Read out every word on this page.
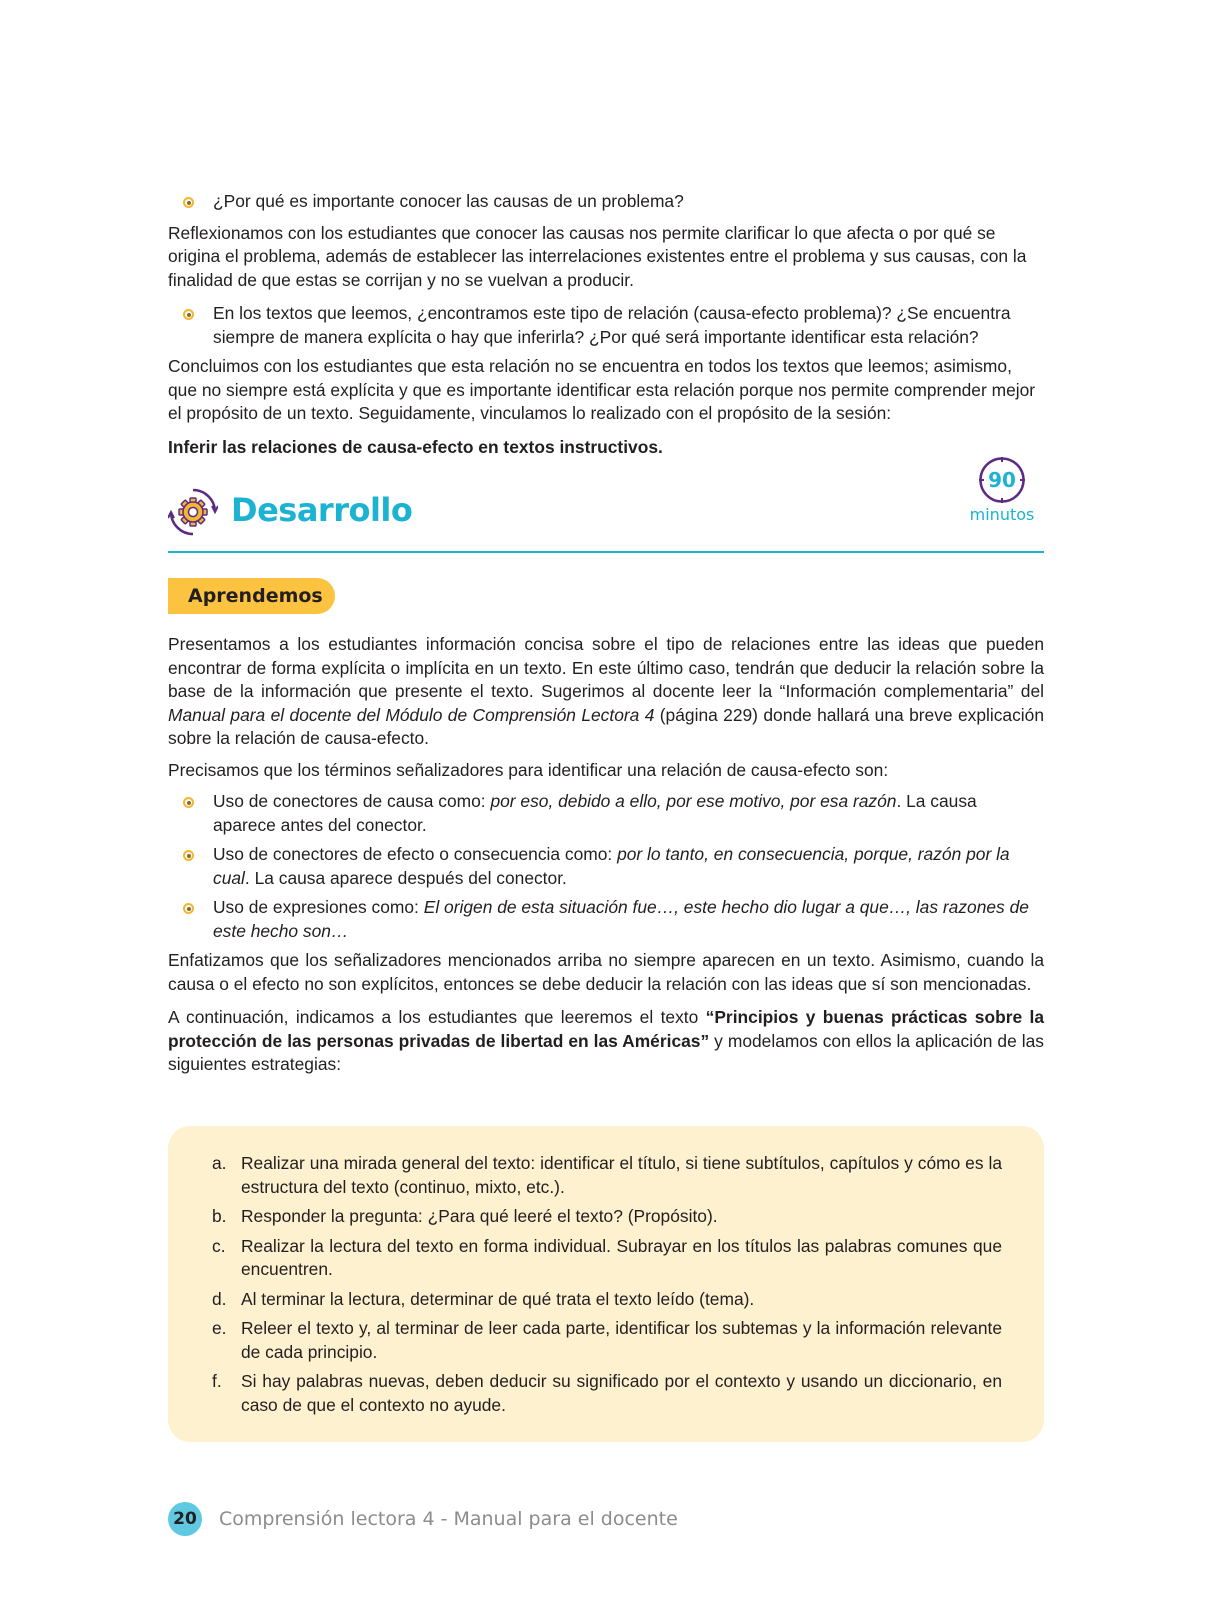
¿Por qué es importante conocer las causas de un problema?

Reflexionamos con los estudiantes que conocer las causas nos permite clarificar lo que afecta o por qué se origina el problema, además de establecer las interrelaciones existentes entre el problema y sus causas, con la finalidad de que estas se corrijan y no se vuelvan a producir.

En los textos que leemos, ¿encontramos este tipo de relación (causa-efecto problema)? ¿Se encuentra siempre de manera explícita o hay que inferirla? ¿Por qué será importante identificar esta relación?

Concluimos con los estudiantes que esta relación no se encuentra en todos los textos que leemos; asimismo, que no siempre está explícita y que es importante identificar esta relación porque nos permite comprender mejor el propósito de un texto. Seguidamente, vinculamos lo realizado con el propósito de la sesión:

Inferir las relaciones de causa-efecto en textos instructivos.

Desarrollo
90
minutos
Aprendemos

Presentamos a los estudiantes información concisa sobre el tipo de relaciones entre las ideas que pueden encontrar de forma explícita o implícita en un texto. En este último caso, tendrán que deducir la relación sobre la base de la información que presente el texto. Sugerimos al docente leer la “Información complementaria” del Manual para el docente del Módulo de Comprensión Lectora 4 (página 229) donde hallará una breve explicación sobre la relación de causa-efecto.

Precisamos que los términos señalizadores para identificar una relación de causa-efecto son:

Uso de conectores de causa como: por eso, debido a ello, por ese motivo, por esa razón. La causa aparece antes del conector.
Uso de conectores de efecto o consecuencia como: por lo tanto, en consecuencia, porque, razón por la cual. La causa aparece después del conector.
Uso de expresiones como: El origen de esta situación fue…, este hecho dio lugar a que…, las razones de este hecho son…

Enfatizamos que los señalizadores mencionados arriba no siempre aparecen en un texto. Asimismo, cuando la causa o el efecto no son explícitos, entonces se debe deducir la relación con las ideas que sí son mencionadas.

A continuación, indicamos a los estudiantes que leeremos el texto “Principios y buenas prácticas sobre la protección de las personas privadas de libertad en las Américas” y modelamos con ellos la aplicación de las siguientes estrategias:

a. Realizar una mirada general del texto: identificar el título, si tiene subtítulos, capítulos y cómo es la estructura del texto (continuo, mixto, etc.).
b. Responder la pregunta: ¿Para qué leeré el texto? (Propósito).
c. Realizar la lectura del texto en forma individual. Subrayar en los títulos las palabras comunes que encuentren.
d. Al terminar la lectura, determinar de qué trata el texto leído (tema).
e. Releer el texto y, al terminar de leer cada parte, identificar los subtemas y la información relevante de cada principio.
f. Si hay palabras nuevas, deben deducir su significado por el contexto y usando un diccionario, en caso de que el contexto no ayude.
20 Comprensión lectora 4 - Manual para el docente
